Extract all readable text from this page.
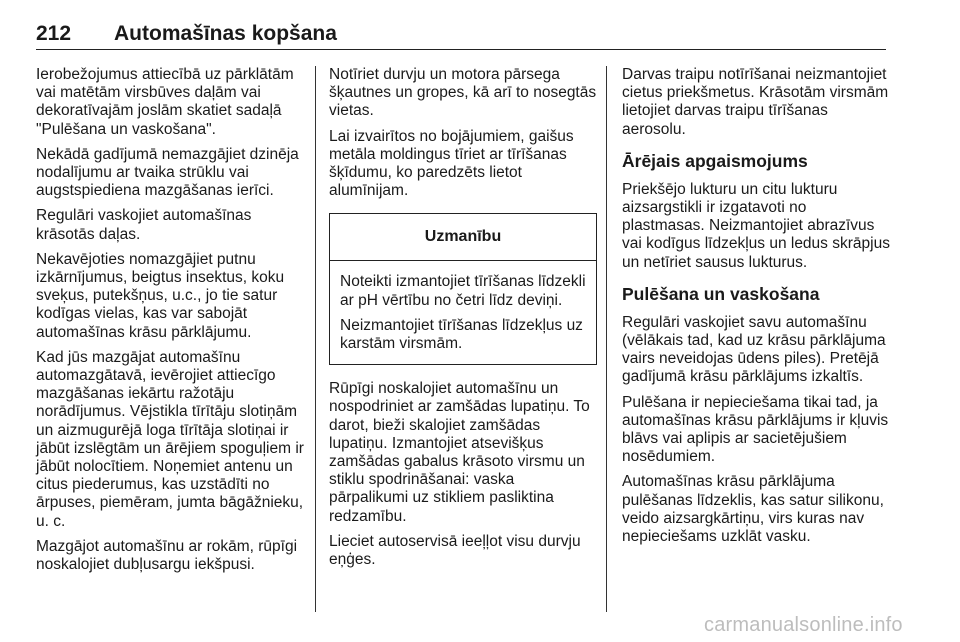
212	Automašīnas kopšana

Ierobežojumus attiecībā uz pārklātām vai matētām virsbūves daļām vai dekoratīvajām joslām skatiet sadaļā "Pulēšana un vaskošana".

Nekādā gadījumā nemazgājiet dzinēja nodalījumu ar tvaika strūklu vai augstspiediena mazgāšanas ierīci.

Regulāri vaskojiet automašīnas krāsotās daļas.

Nekavējoties nomazgājiet putnu izkārnījumus, beigtus insektus, koku sveķus, putekšņus, u.c., jo tie satur kodīgas vielas, kas var sabojāt automašīnas krāsu pārklājumu.

Kad jūs mazgājat automašīnu automazgātavā, ievērojiet attiecīgo mazgāšanas iekārtu ražotāju norādījumus. Vējstikla tīrītāju slotiņām un aizmugurējā loga tīrītāja slotiņai ir jābūt izslēgtām un ārējiem spoguļiem ir jābūt nolocītiem. Noņemiet antenu un citus piederumus, kas uzstādīti no ārpuses, piemēram, jumta bāgāžnieku, u. c.

Mazgājot automašīnu ar rokām, rūpīgi noskalojiet dubļusargu iekšpusi.

Notīriet durvju un motora pārsega šķautnes un gropes, kā arī to nosegtās vietas.

Lai izvairītos no bojājumiem, gaišus metāla moldingus tīriet ar tīrīšanas šķīdumu, ko paredzēts lietot alumīnijam.

Uzmanību

Noteikti izmantojiet tīrīšanas līdzekli ar pH vērtību no četri līdz deviņi.

Neizmantojiet tīrīšanas līdzekļus uz karstām virsmām.

Rūpīgi noskalojiet automašīnu un nospodriniet ar zamšādas lupatiņu. To darot, bieži skalojiet zamšādas lupatiņu. Izmantojiet atsevišķus zamšādas gabalus krāsoto virsmu un stiklu spodrināšanai: vaska pārpalikumi uz stikliem pasliktina redzamību.

Lieciet autoservisā ieeļļot visu durvju eņģes.

Darvas traipu notīrīšanai neizmantojiet cietus priekšmetus. Krāsotām virsmām lietojiet darvas traipu tīrīšanas aerosolu.

Ārējais apgaismojums

Priekšējo lukturu un citu lukturu aizsargstikli ir izgatavoti no plastmasas. Neizmantojiet abrazīvus vai kodīgus līdzekļus un ledus skrāpjus un netīriet sausus lukturus.

Pulēšana un vaskošana

Regulāri vaskojiet savu automašīnu (vēlākais tad, kad uz krāsu pārklājuma vairs neveidojas ūdens piles). Pretējā gadījumā krāsu pārklājums izkaltīs.

Pulēšana ir nepieciešama tikai tad, ja automašīnas krāsu pārklājums ir kļuvis blāvs vai aplipis ar sacietējušiem nosēdumiem.

Automašīnas krāsu pārklājuma pulēšanas līdzeklis, kas satur silikonu, veido aizsargkārtiņu, virs kuras nav nepieciešams uzklāt vasku.

carmanualsonline.info
